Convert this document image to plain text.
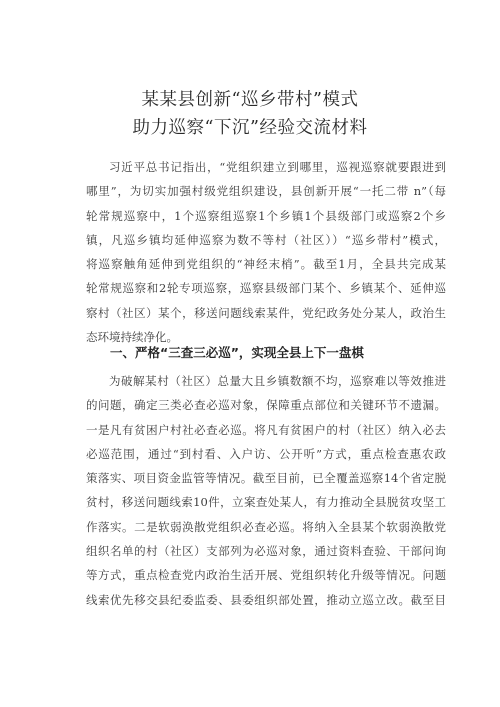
某某县创新“巡乡带村”模式
助力巡察“下沉”经验交流材料
习近平总书记指出，“党组织建立到哪里，巡视巡察就要跟进到
哪里”，为切实加强村级党组织建设，县创新开展“一托二带 n”（每
轮常规巡察中，1个巡察组巡察1个乡镇1个县级部门或巡察2个乡
镇，凡巡乡镇均延伸巡察为数不等村（社区））“巡乡带村”模式，
将巡察触角延伸到党组织的“神经末梢”。截至1月，全县共完成某
轮常规巡察和2轮专项巡察，巡察县级部门某个、乡镇某个、延伸巡
察村（社区）某个，移送问题线索某件，党纪政务处分某人，政治生
态环境持续净化。
一、严格“三查三必巡”，实现全县上下一盘棋
为破解某村（社区）总量大且乡镇数额不均，巡察难以等效推进
的问题，确定三类必查必巡对象，保障重点部位和关键环节不遗漏。
一是凡有贫困户村社必查必巡。将凡有贫困户的村（社区）纳入必去
必巡范围，通过“到村看、入户访、公开听”方式，重点检查惠农政
策落实、项目资金监管等情况。截至目前，已全覆盖巡察14个省定脱
贫村，移送问题线索10件，立案查处某人，有力推动全县脱贫攻坚工
作落实。二是软弱涣散党组织必查必巡。将纳入全县某个软弱涣散党
组织名单的村（社区）支部列为必巡对象，通过资料查验、干部问询
等方式，重点检查党内政治生活开展、党组织转化升级等情况。问题
线索优先移交县纪委监委、县委组织部处置，推动立巡立改。截至目
